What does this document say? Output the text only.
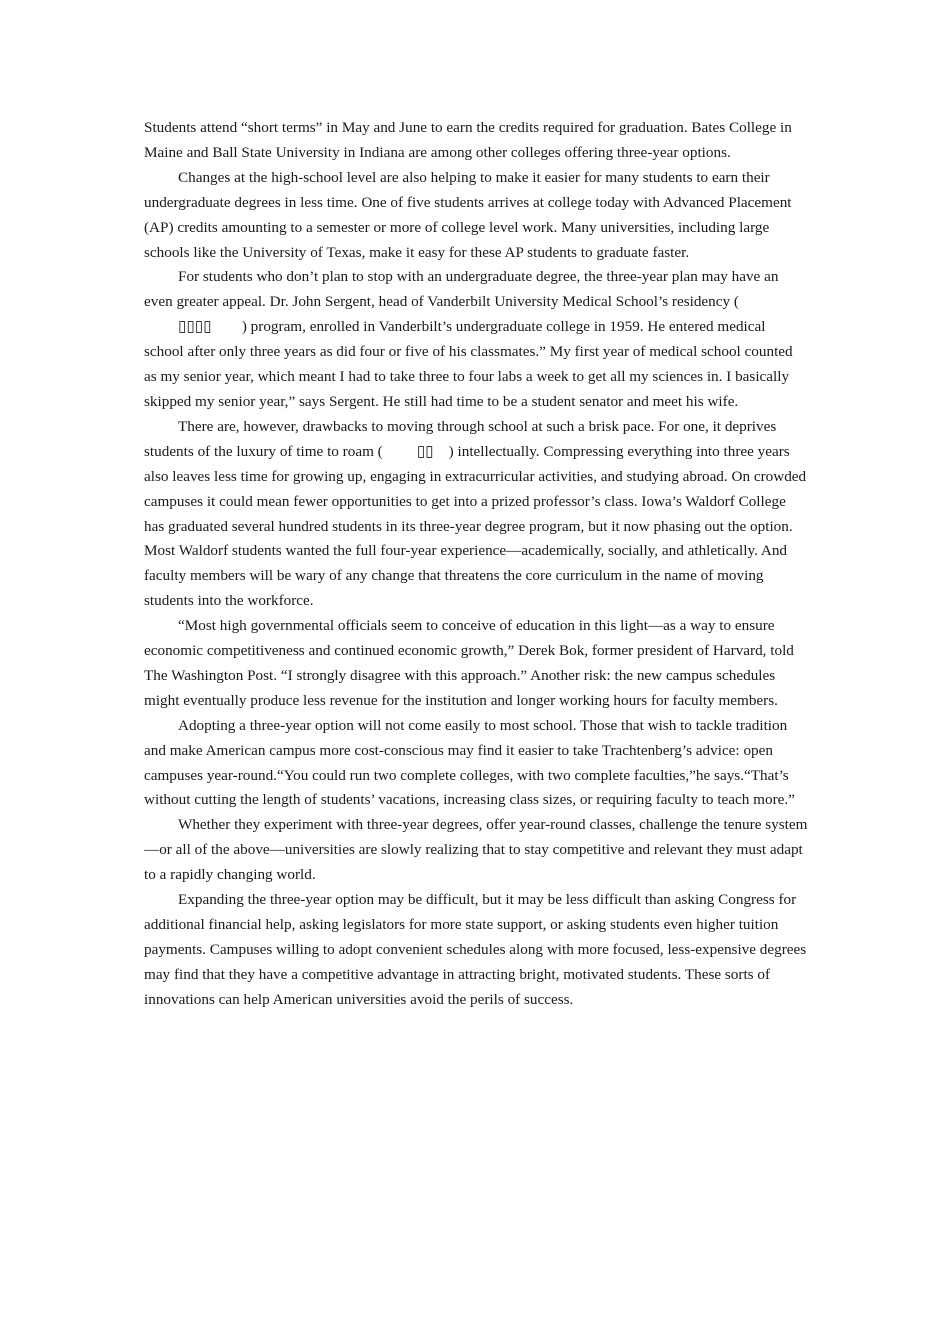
Students attend “short terms” in May and June to earn the credits required for graduation. Bates College in Maine and Ball State University in Indiana are among other colleges offering three-year options.

Changes at the high-school level are also helping to make it easier for many students to earn their undergraduate degrees in less time. One of five students arrives at college today with Advanced Placement (AP) credits amounting to a semester or more of college level work. Many universities, including large schools like the University of Texas, make it easy for these AP students to graduate faster.

For students who don’t plan to stop with an undergraduate degree, the three-year plan may have an even greater appeal. Dr. John Sergent, head of Vanderbilt University Medical School’s residency (▯▯▯▯        ) program, enrolled in Vanderbilt’s undergraduate college in 1959. He entered medical school after only three years as did four or five of his classmates.” My first year of medical school counted as my senior year, which meant I had to take three to four labs a week to get all my sciences in. I basically skipped my senior year,” says Sergent. He still had time to be a student senator and meet his wife.

There are, however, drawbacks to moving through school at such a brisk pace. For one, it deprives students of the luxury of time to roam ( ▯▯    ) intellectually. Compressing everything into three years also leaves less time for growing up, engaging in extracurricular activities, and studying abroad. On crowded campuses it could mean fewer opportunities to get into a prized professor’s class. Iowa’s Waldorf College has graduated several hundred students in its three-year degree program, but it now phasing out the option. Most Waldorf students wanted the full four-year experience—academically, socially, and athletically. And faculty members will be wary of any change that threatens the core curriculum in the name of moving students into the workforce.

“Most high governmental officials seem to conceive of education in this light—as a way to ensure economic competitiveness and continued economic growth,” Derek Bok, former president of Harvard, told The Washington Post. “I strongly disagree with this approach.” Another risk: the new campus schedules might eventually produce less revenue for the institution and longer working hours for faculty members.

Adopting a three-year option will not come easily to most school. Those that wish to tackle tradition and make American campus more cost-conscious may find it easier to take Trachtenberg’s advice: open campuses year-round.“You could run two complete colleges, with two complete faculties,”he says.“That’s without cutting the length of students’ vacations, increasing class sizes, or requiring faculty to teach more.”

Whether they experiment with three-year degrees, offer year-round classes, challenge the tenure system—or all of the above—universities are slowly realizing that to stay competitive and relevant they must adapt to a rapidly changing world.

Expanding the three-year option may be difficult, but it may be less difficult than asking Congress for additional financial help, asking legislators for more state support, or asking students even higher tuition payments. Campuses willing to adopt convenient schedules along with more focused, less-expensive degrees may find that they have a competitive advantage in attracting bright, motivated students. These sorts of innovations can help American universities avoid the perils of success.
